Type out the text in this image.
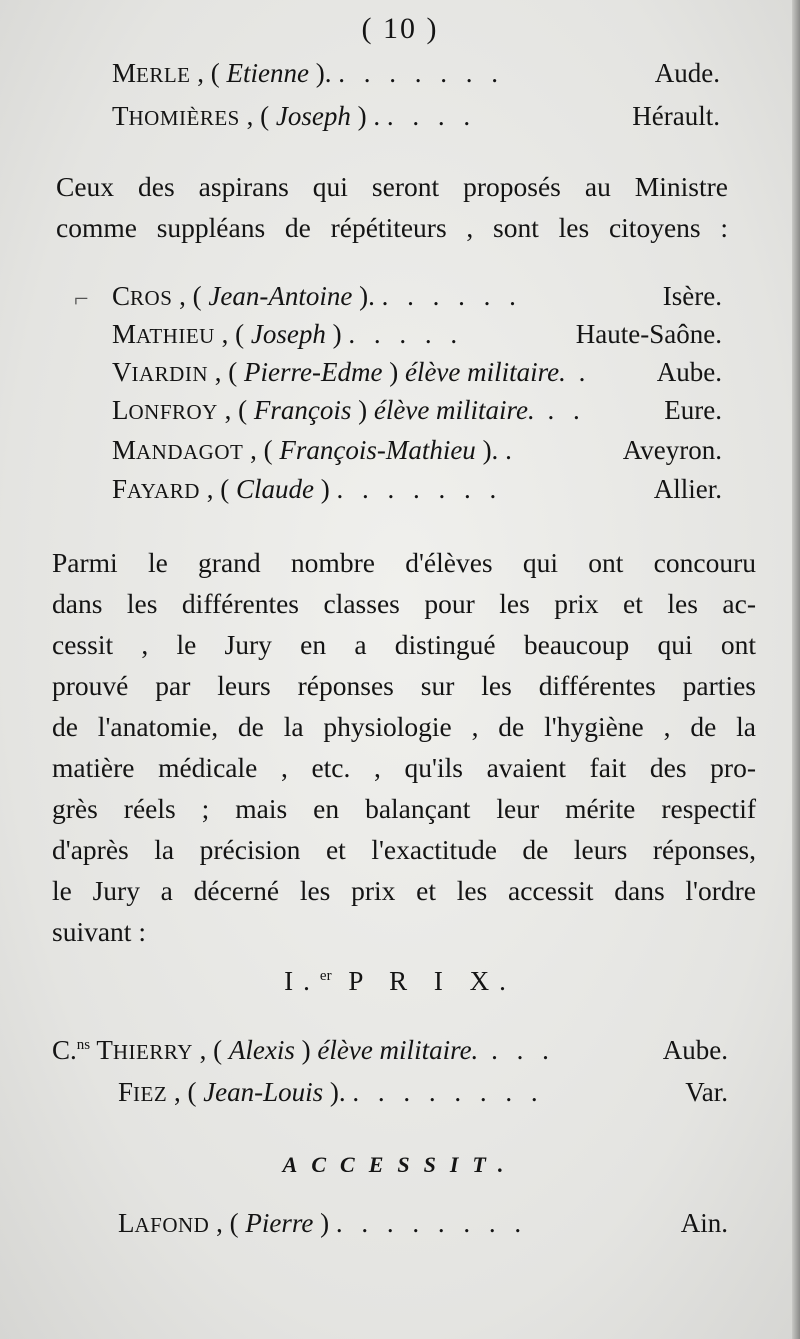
( 10 )
MERLE , ( Etienne ). . . . . . . .	Aude.
THOMIÈRES , ( Joseph ) . . . . .	Hérault.

Ceux des aspirans qui seront proposés au Ministre
comme suppléans de répétiteurs , sont les citoyens :

⌐ CROS , ( Jean-Antoine ). . . . . . .	Isère.
MATHIEU , ( Joseph ) . . . . .	Haute-Saône.
VIARDIN , ( Pierre-Edme ) élève militaire. . Aube.
LONFROY , ( François ) élève militaire. . .	Eure.
MANDAGOT , ( François-Mathieu ). .	Aveyron.
FAYARD , ( Claude ) . . . . . . .	Allier.

Parmi le grand nombre d'élèves qui ont concouru
dans les différentes classes pour les prix et les ac-
cessit , le Jury en a distingué beaucoup qui ont
prouvé par leurs réponses sur les différentes parties
de l'anatomie, de la physiologie , de l'hygiène , de la
matière médicale , etc. , qu'ils avaient fait des pro-
grès réels ; mais en balançant leur mérite respectif
d'après la précision et l'exactitude de leurs réponses,
le Jury a décerné les prix et les accessit dans l'ordre
suivant :

I.$^{er}$ P R I X.
C.$^{ns}$ THIERRY , ( Alexis ) élève militaire. . . .	Aube.
FIEZ , ( Jean-Louis ). . . . . . . . .	Var.
ACCESSIT.
LAFOND , ( Pierre ) . . . . . . . .	Ain.
